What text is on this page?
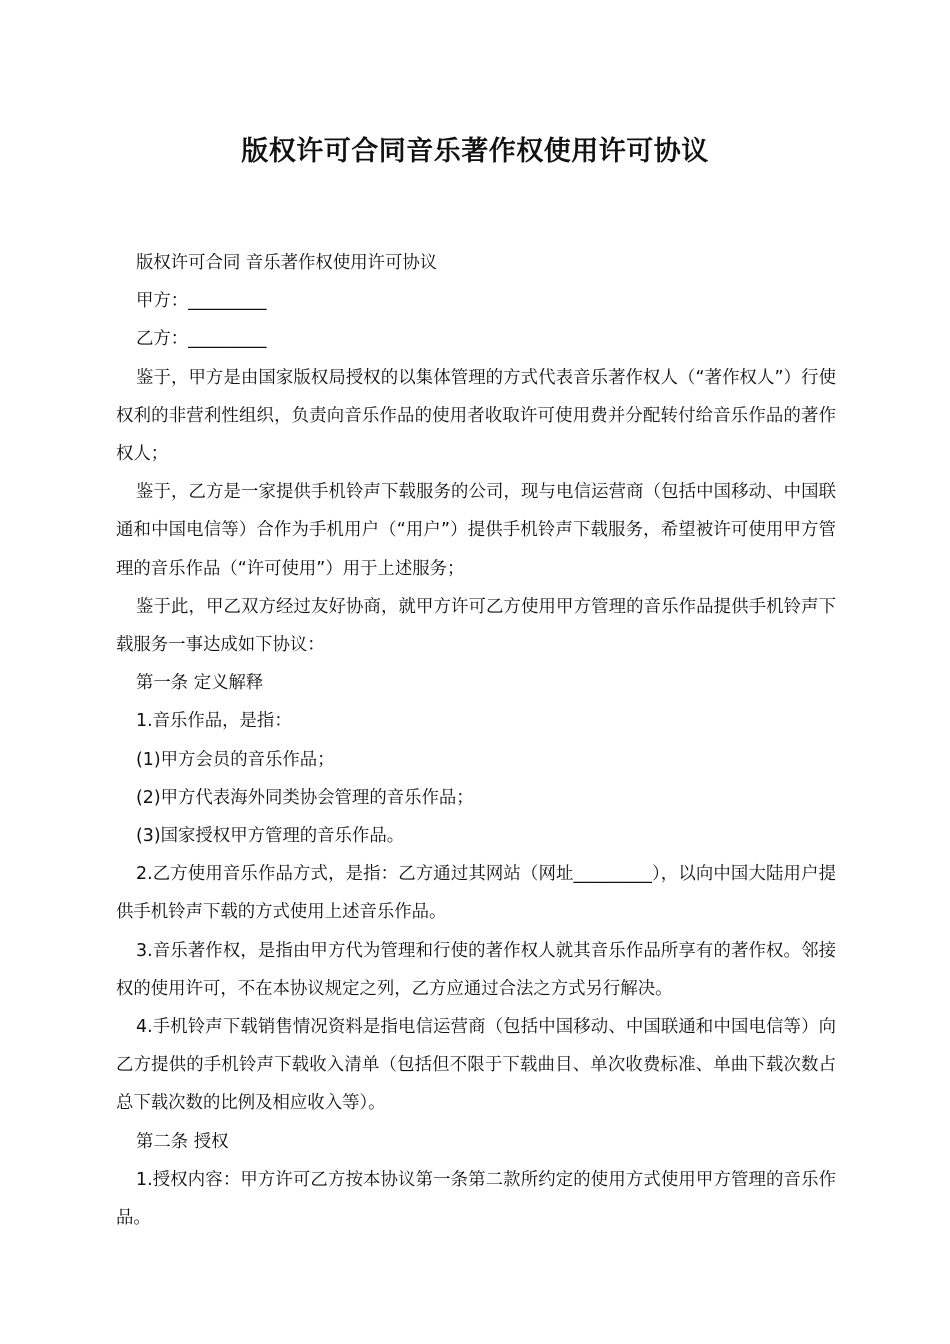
版权许可合同音乐著作权使用许可协议

版权许可合同 音乐著作权使用许可协议

甲方：_________

乙方：_________

鉴于，甲方是由国家版权局授权的以集体管理的方式代表音乐著作权人（“著作权人”）行使权利的非营利性组织，负责向音乐作品的使用者收取许可使用费并分配转付给音乐作品的著作权人；

鉴于，乙方是一家提供手机铃声下载服务的公司，现与电信运营商（包括中国移动、中国联通和中国电信等）合作为手机用户（“用户”）提供手机铃声下载服务，希望被许可使用甲方管理的音乐作品（“许可使用”）用于上述服务；

鉴于此，甲乙双方经过友好协商，就甲方许可乙方使用甲方管理的音乐作品提供手机铃声下载服务一事达成如下协议：

第一条 定义解释

1.音乐作品，是指：

(1)甲方会员的音乐作品；

(2)甲方代表海外同类协会管理的音乐作品；

(3)国家授权甲方管理的音乐作品。

2.乙方使用音乐作品方式，是指：乙方通过其网站（网址_________），以向中国大陆用户提供手机铃声下载的方式使用上述音乐作品。

3.音乐著作权，是指由甲方代为管理和行使的著作权人就其音乐作品所享有的著作权。邻接权的使用许可，不在本协议规定之列，乙方应通过合法之方式另行解决。

4.手机铃声下载销售情况资料是指电信运营商（包括中国移动、中国联通和中国电信等）向乙方提供的手机铃声下载收入清单（包括但不限于下载曲目、单次收费标准、单曲下载次数占总下载次数的比例及相应收入等）。

第二条 授权

1.授权内容：甲方许可乙方按本协议第一条第二款所约定的使用方式使用甲方管理的音乐作品。
